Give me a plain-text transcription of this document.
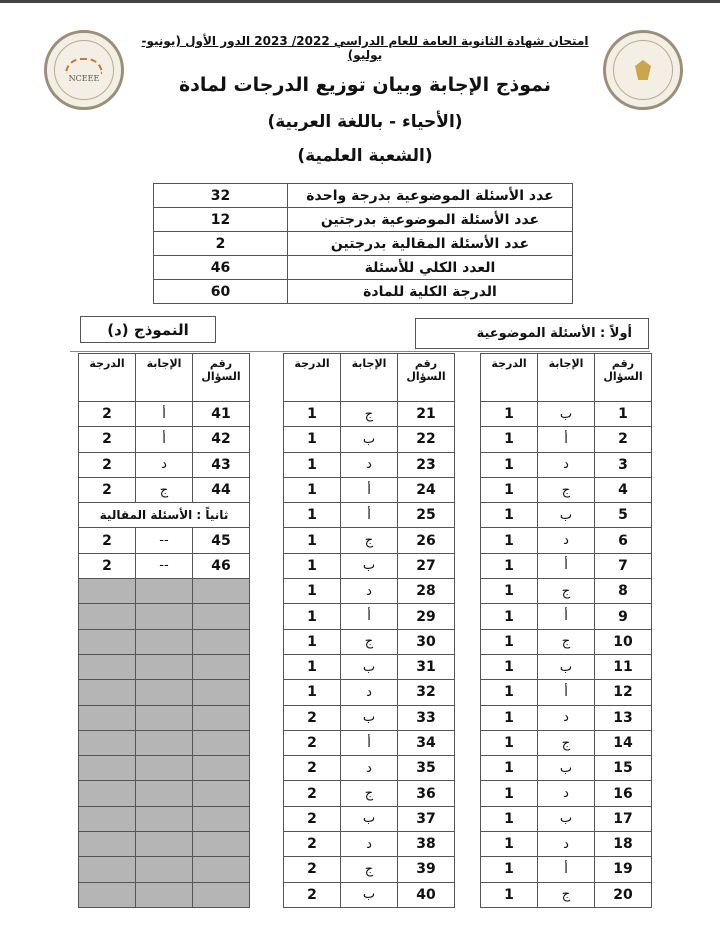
NCEEE
امتحان شهادة الثانوية العامة للعام الدراسي 2022/ 2023 الدور الأول (يونيو- يوليو)
نموذج الإجابة وبيان توزيع الدرجات لمادة
(الأحياء - باللغة العربية)
(الشعبة العلمية)
عدد الأسئلة الموضوعية بدرجة واحدة	32
عدد الأسئلة الموضوعية بدرجتين	12
عدد الأسئلة المقالية بدرجتين	2
العدد الكلي للأسئلة	46
الدرجة الكلية للمادة	60
أولاً : الأسئلة الموضوعية
النموذج (د)
رقم السؤال	الإجابة	الدرجة
1	ب	1
2	أ	1
3	د	1
4	ج	1
5	ب	1
6	د	1
7	أ	1
8	ج	1
9	أ	1
10	ج	1
11	ب	1
12	أ	1
13	د	1
14	ج	1
15	ب	1
16	د	1
17	ب	1
18	د	1
19	أ	1
20	ج	1
رقم السؤال	الإجابة	الدرجة
21	ج	1
22	ب	1
23	د	1
24	أ	1
25	أ	1
26	ج	1
27	ب	1
28	د	1
29	أ	1
30	ج	1
31	ب	1
32	د	1
33	ب	2
34	أ	2
35	د	2
36	ج	2
37	ب	2
38	د	2
39	ج	2
40	ب	2
رقم السؤال	الإجابة	الدرجة
41	أ	2
42	أ	2
43	د	2
44	ج	2
ثانياً : الأسئلة المقالية		
45	--	2
46	--	2
